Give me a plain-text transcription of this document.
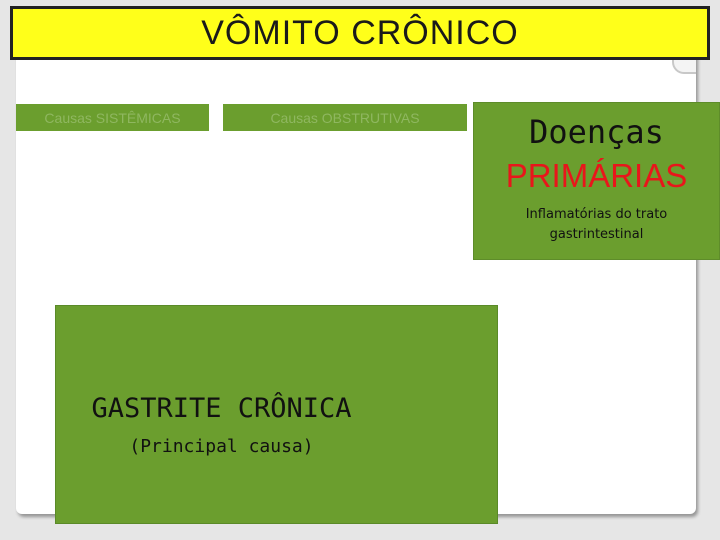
VÔMITO CRÔNICO
Causas SISTÊMICAS	Causas OBSTRUTIVAS	Doenças
PRIMÁRIAS
Inflamatórias do trato gastrintestinal
GASTRITE CRÔNICA
(Principal causa)
